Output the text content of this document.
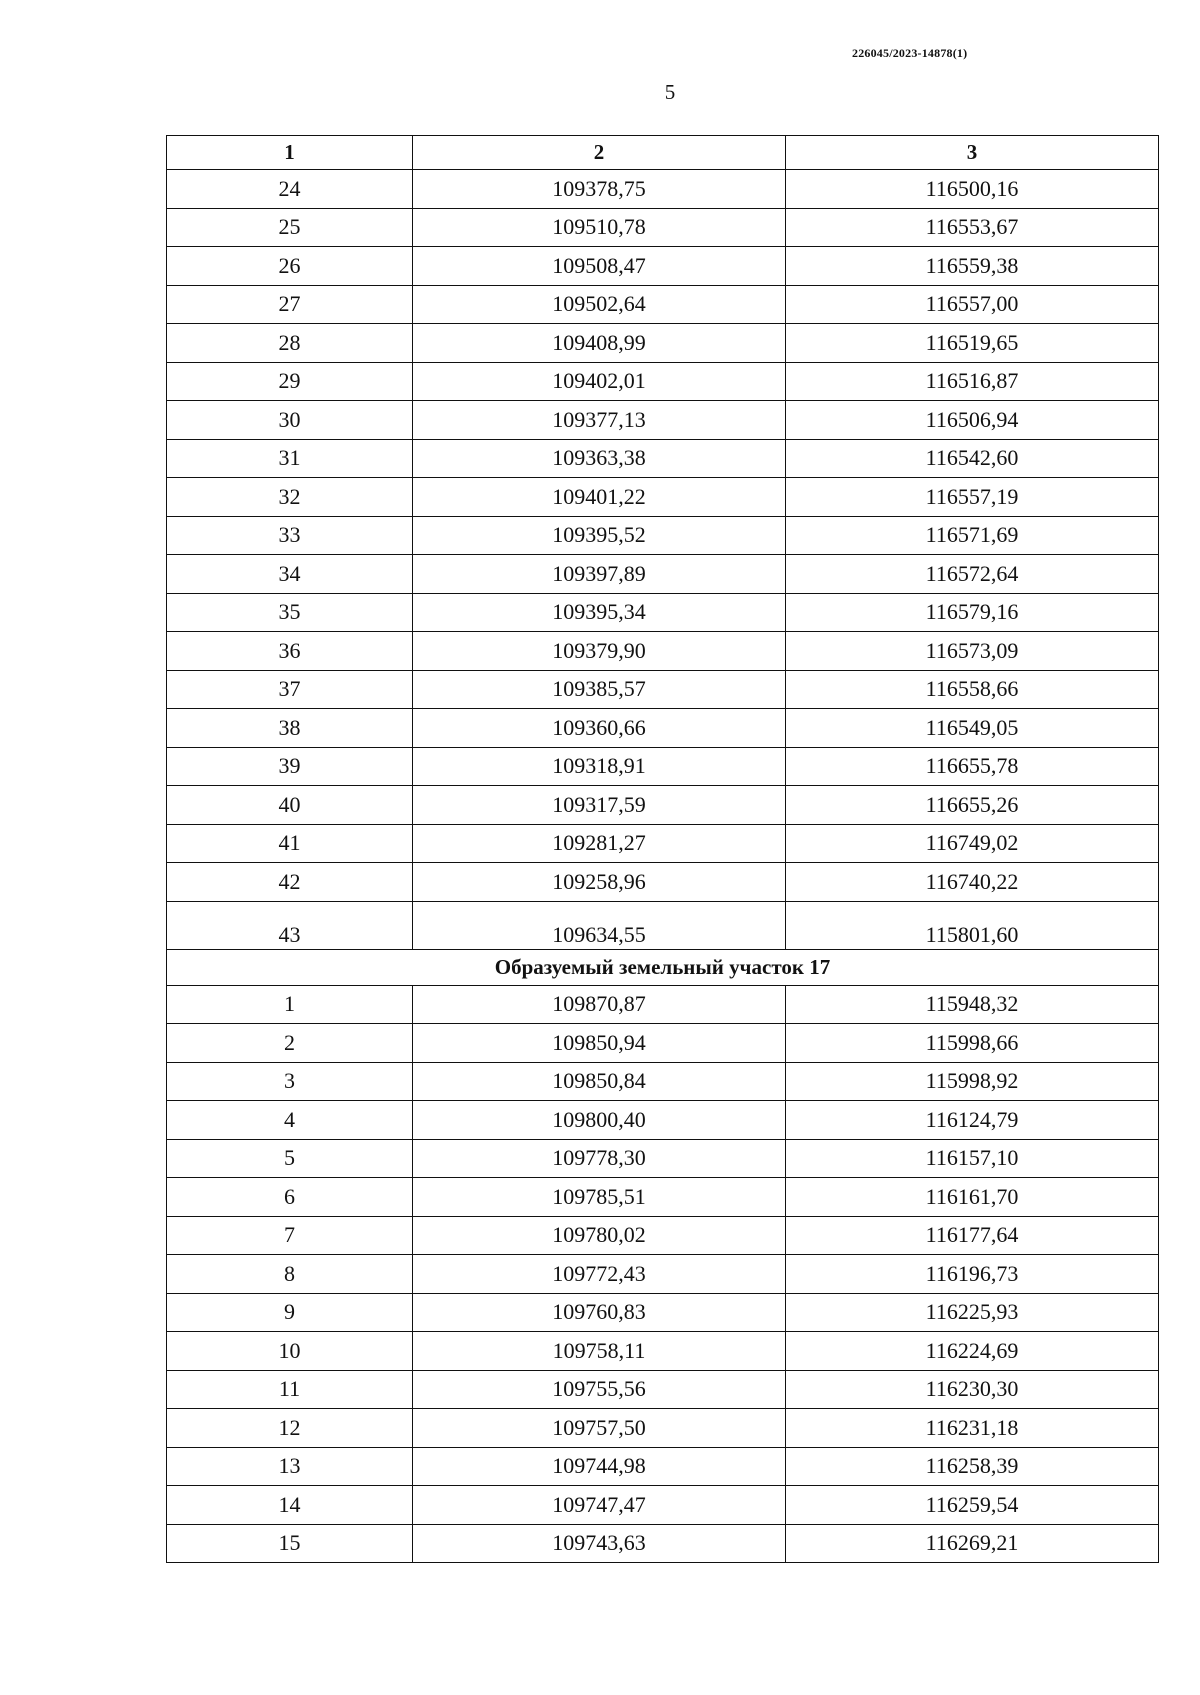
226045/2023-14878(1)
5
1	2	3
24	109378,75	116500,16
25	109510,78	116553,67
26	109508,47	116559,38
27	109502,64	116557,00
28	109408,99	116519,65
29	109402,01	116516,87
30	109377,13	116506,94
31	109363,38	116542,60
32	109401,22	116557,19
33	109395,52	116571,69
34	109397,89	116572,64
35	109395,34	116579,16
36	109379,90	116573,09
37	109385,57	116558,66
38	109360,66	116549,05
39	109318,91	116655,78
40	109317,59	116655,26
41	109281,27	116749,02
42	109258,96	116740,22
43	109634,55	115801,60
Образуемый земельный участок 17		
1	109870,87	115948,32
2	109850,94	115998,66
3	109850,84	115998,92
4	109800,40	116124,79
5	109778,30	116157,10
6	109785,51	116161,70
7	109780,02	116177,64
8	109772,43	116196,73
9	109760,83	116225,93
10	109758,11	116224,69
11	109755,56	116230,30
12	109757,50	116231,18
13	109744,98	116258,39
14	109747,47	116259,54
15	109743,63	116269,21
